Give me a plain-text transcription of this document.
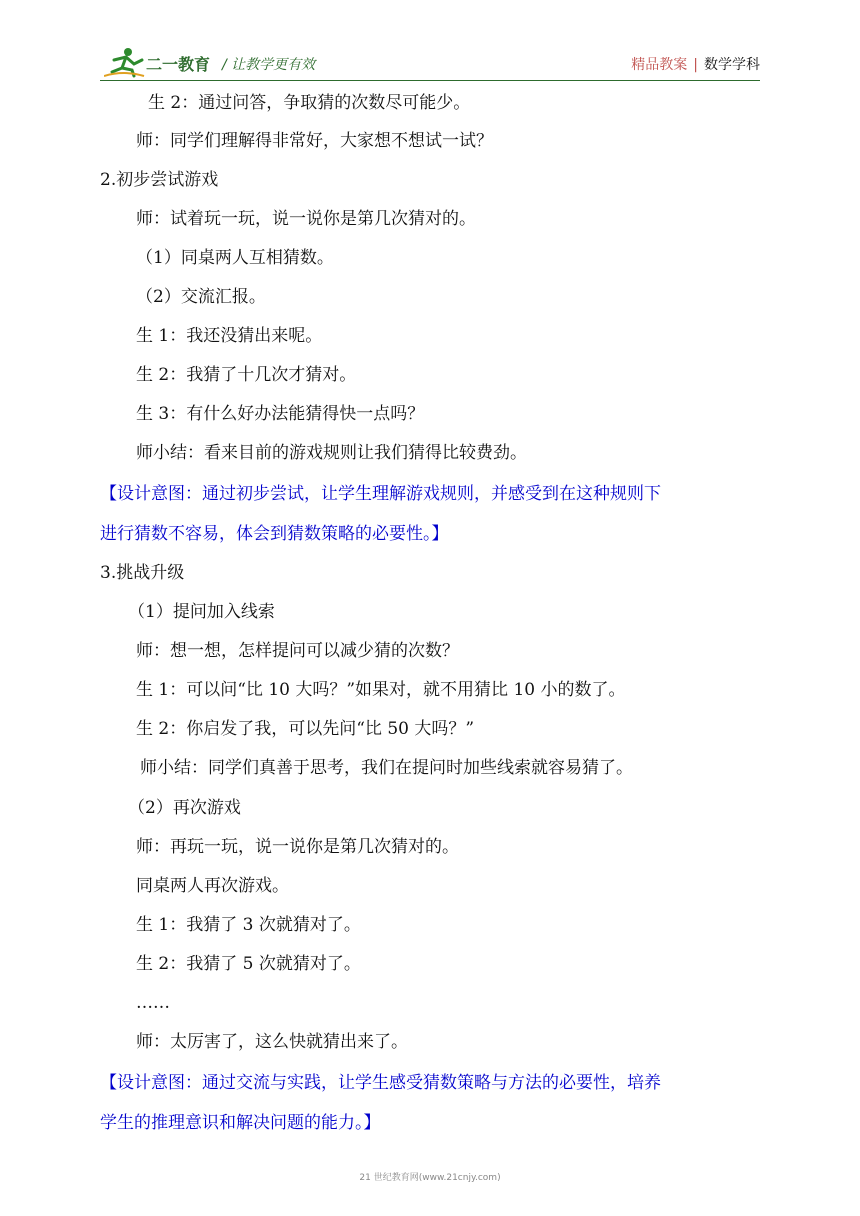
二一教育 / 让教学更有效	精品教案 | 数学学科
生 2：通过问答，争取猜的次数尽可能少。
师：同学们理解得非常好，大家想不想试一试？
2.初步尝试游戏
师：试着玩一玩，说一说你是第几次猜对的。
（1）同桌两人互相猜数。
（2）交流汇报。
生 1：我还没猜出来呢。
生 2：我猜了十几次才猜对。
生 3：有什么好办法能猜得快一点吗？
师小结：看来目前的游戏规则让我们猜得比较费劲。
【设计意图：通过初步尝试，让学生理解游戏规则，并感受到在这种规则下
进行猜数不容易，体会到猜数策略的必要性。】
3.挑战升级
（1）提问加入线索
师：想一想，怎样提问可以减少猜的次数？
生 1：可以问“比 10 大吗？”如果对，就不用猜比 10 小的数了。
生 2：你启发了我，可以先问“比 50 大吗？”
师小结：同学们真善于思考，我们在提问时加些线索就容易猜了。
（2）再次游戏
师：再玩一玩，说一说你是第几次猜对的。
同桌两人再次游戏。
生 1：我猜了 3 次就猜对了。
生 2：我猜了 5 次就猜对了。
……
师：太厉害了，这么快就猜出来了。
【设计意图：通过交流与实践，让学生感受猜数策略与方法的必要性，培养
学生的推理意识和解决问题的能力。】
21 世纪教育网(www.21cnjy.com)
